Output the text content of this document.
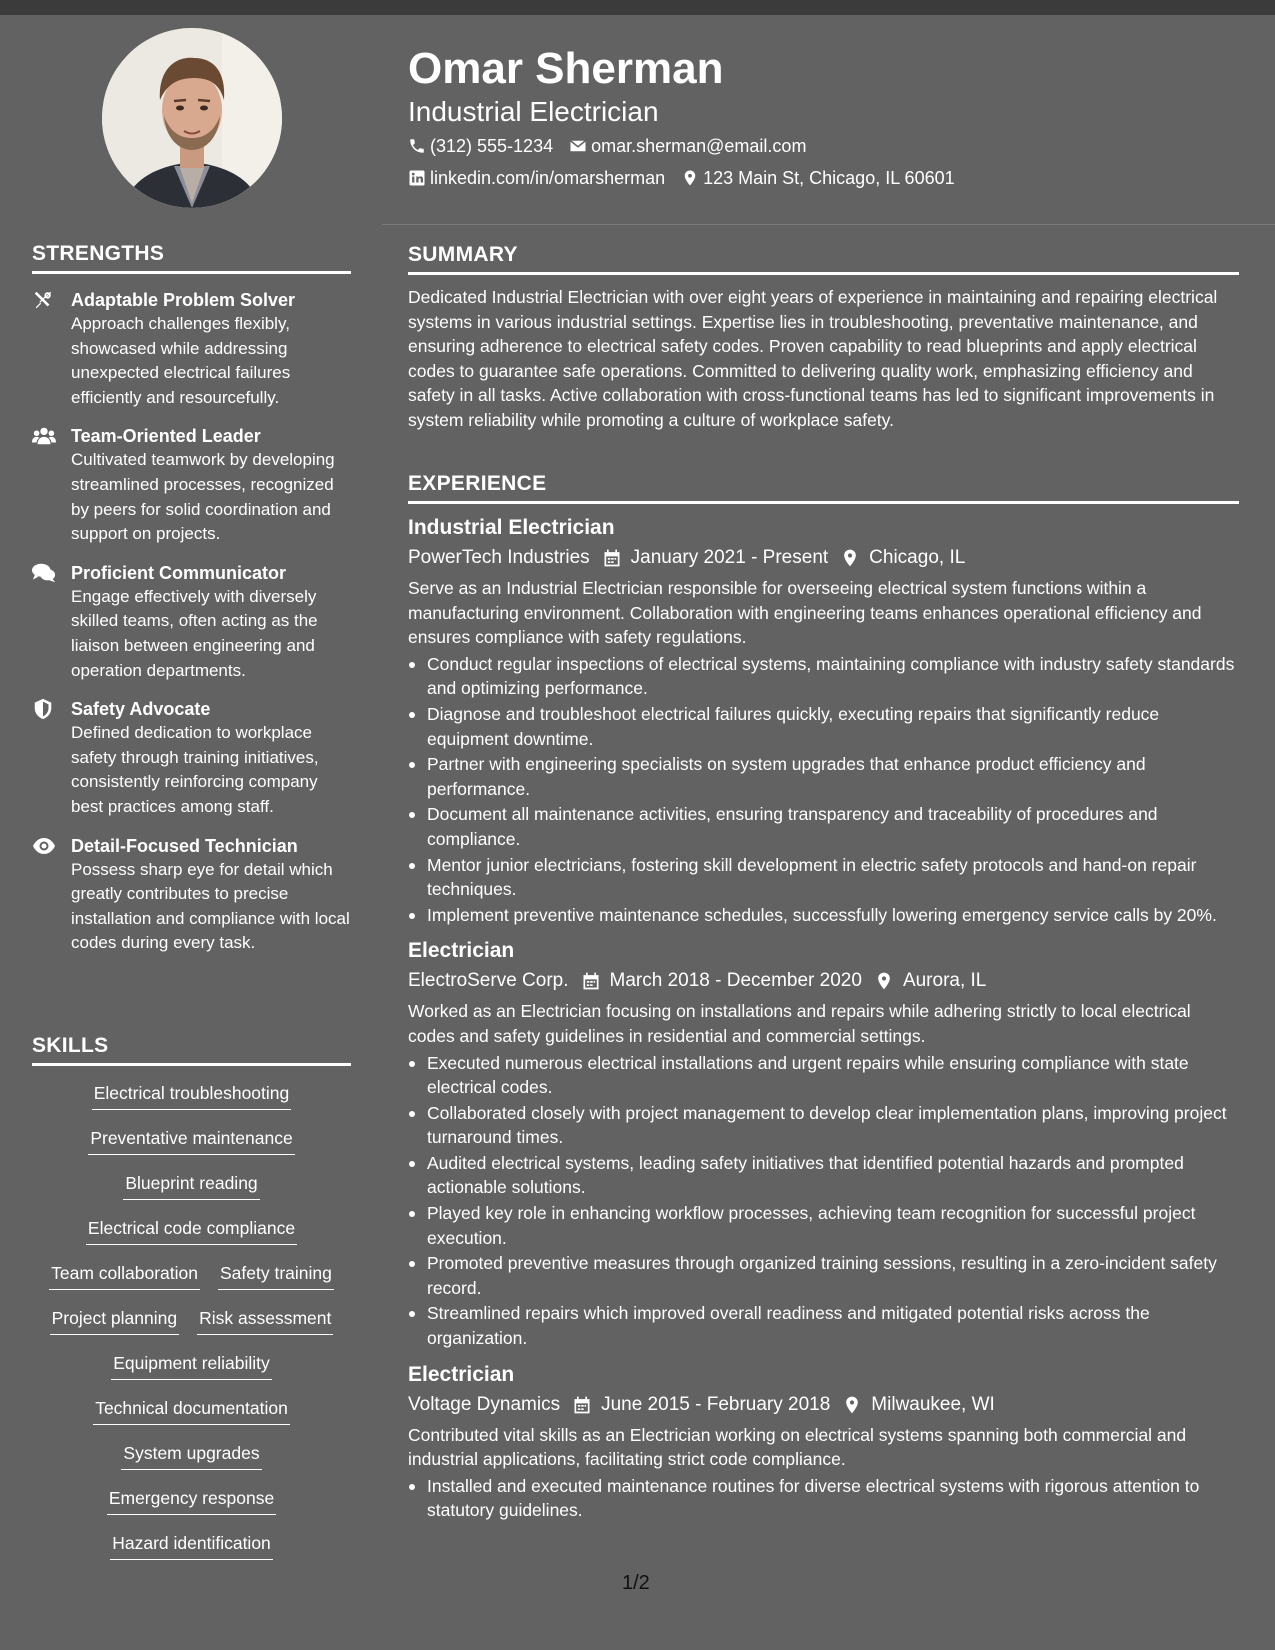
STRENGTHS
Adaptable Problem Solver
Approach challenges flexibly, showcased while addressing unexpected electrical failures efficiently and resourcefully.
Team-Oriented Leader
Cultivated teamwork by developing streamlined processes, recognized by peers for solid coordination and support on projects.
Proficient Communicator
Engage effectively with diversely skilled teams, often acting as the liaison between engineering and operation departments.
Safety Advocate
Defined dedication to workplace safety through training initiatives, consistently reinforcing company best practices among staff.
Detail-Focused Technician
Possess sharp eye for detail which greatly contributes to precise installation and compliance with local codes during every task.
SKILLS
Electrical troubleshooting
Preventative maintenance
Blueprint reading
Electrical code compliance
Team collaboration Safety training
Project planning Risk assessment
Equipment reliability
Technical documentation
System upgrades
Emergency response
Hazard identification
Omar Sherman
Industrial Electrician
(312) 555-1234 omar.sherman@email.com
linkedin.com/in/omarsherman 123 Main St, Chicago, IL 60601
SUMMARY

Dedicated Industrial Electrician with over eight years of experience in maintaining and repairing electrical systems in various industrial settings. Expertise lies in troubleshooting, preventative maintenance, and ensuring adherence to electrical safety codes. Proven capability to read blueprints and apply electrical codes to guarantee safe operations. Committed to delivering quality work, emphasizing efficiency and safety in all tasks. Active collaboration with cross-functional teams has led to significant improvements in system reliability while promoting a culture of workplace safety.

EXPERIENCE
Industrial Electrician
PowerTech Industries January 2021 - Present Chicago, IL
Serve as an Industrial Electrician responsible for overseeing electrical system functions within a manufacturing environment. Collaboration with engineering teams enhances operational efficiency and ensures compliance with safety regulations.
Conduct regular inspections of electrical systems, maintaining compliance with industry safety standards and optimizing performance.
Diagnose and troubleshoot electrical failures quickly, executing repairs that significantly reduce equipment downtime.
Partner with engineering specialists on system upgrades that enhance product efficiency and performance.
Document all maintenance activities, ensuring transparency and traceability of procedures and compliance.
Mentor junior electricians, fostering skill development in electric safety protocols and hand-on repair techniques.
Implement preventive maintenance schedules, successfully lowering emergency service calls by 20%.
Electrician
ElectroServe Corp. March 2018 - December 2020 Aurora, IL
Worked as an Electrician focusing on installations and repairs while adhering strictly to local electrical codes and safety guidelines in residential and commercial settings.
Executed numerous electrical installations and urgent repairs while ensuring compliance with state electrical codes.
Collaborated closely with project management to develop clear implementation plans, improving project turnaround times.
Audited electrical systems, leading safety initiatives that identified potential hazards and prompted actionable solutions.
Played key role in enhancing workflow processes, achieving team recognition for successful project execution.
Promoted preventive measures through organized training sessions, resulting in a zero-incident safety record.
Streamlined repairs which improved overall readiness and mitigated potential risks across the organization.
Electrician
Voltage Dynamics June 2015 - February 2018 Milwaukee, WI
Contributed vital skills as an Electrician working on electrical systems spanning both commercial and industrial applications, facilitating strict code compliance.
Installed and executed maintenance routines for diverse electrical systems with rigorous attention to statutory guidelines.
1/2
